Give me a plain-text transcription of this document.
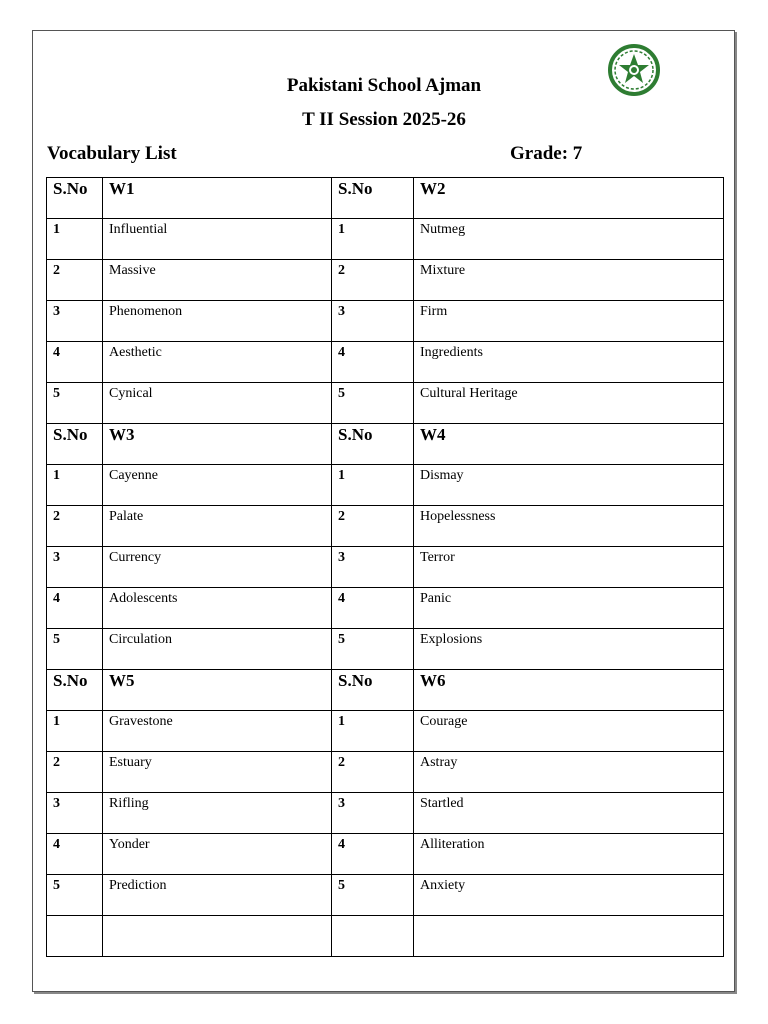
Pakistani School Ajman
T II Session 2025-26
Vocabulary List	Grade: 7
S.No	W1	S.No	W2
1	Influential	1	Nutmeg
2	Massive	2	Mixture
3	Phenomenon	3	Firm
4	Aesthetic	4	Ingredients
5	Cynical	5	Cultural Heritage
S.No	W3	S.No	W4
1	Cayenne	1	Dismay
2	Palate	2	Hopelessness
3	Currency	3	Terror
4	Adolescents	4	Panic
5	Circulation	5	Explosions
S.No	W5	S.No	W6
1	Gravestone	1	Courage
2	Estuary	2	Astray
3	Rifling	3	Startled
4	Yonder	4	Alliteration
5	Prediction	5	Anxiety
